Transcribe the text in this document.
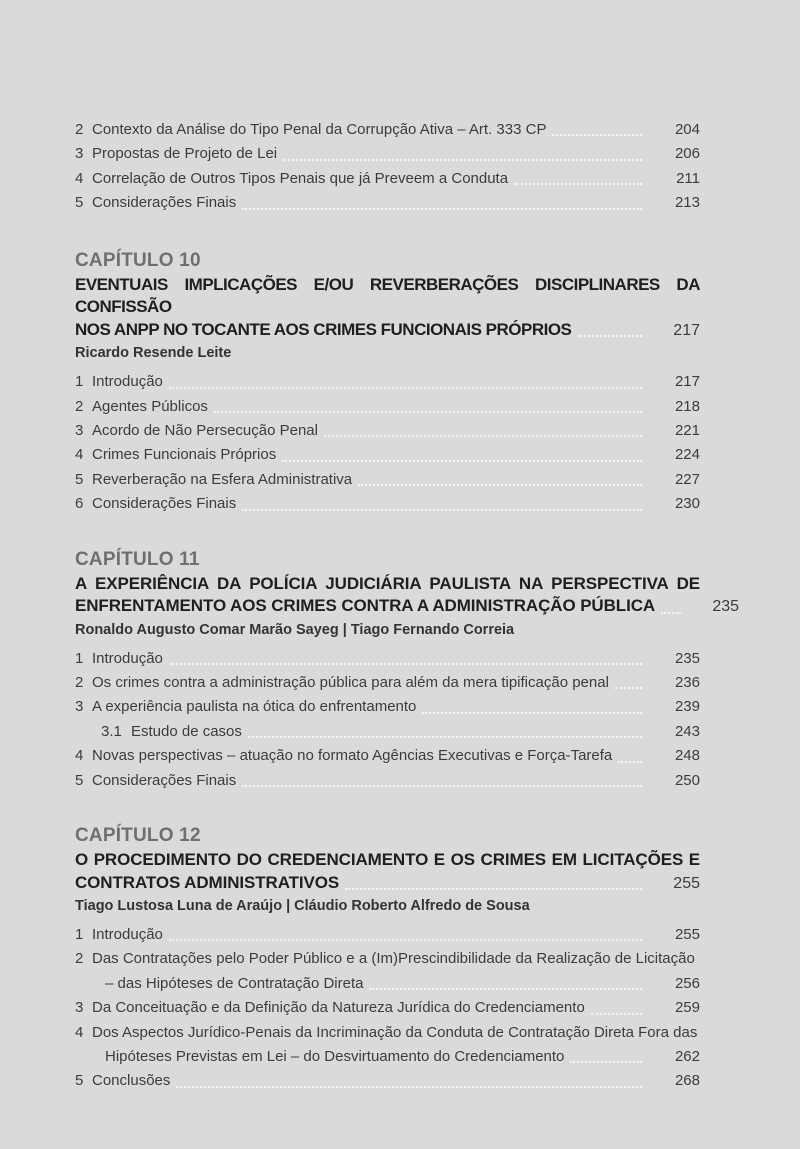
2 Contexto da Análise do Tipo Penal da Corrupção Ativa – Art. 333 CP	204
3 Propostas de Projeto de Lei	206
4 Correlação de Outros Tipos Penais que já Preveem a Conduta	211
5 Considerações Finais	213
CAPÍTULO 10
EVENTUAIS IMPLICAÇÕES E/OU REVERBERAÇÕES DISCIPLINARES DA CONFISSÃO
NOS ANPP NO TOCANTE AOS CRIMES FUNCIONAIS PRÓPRIOS	217
Ricardo Resende Leite
1 Introdução	217
2 Agentes Públicos	218
3 Acordo de Não Persecução Penal	221
4 Crimes Funcionais Próprios	224
5 Reverberação na Esfera Administrativa	227
6 Considerações Finais	230
CAPÍTULO 11
A EXPERIÊNCIA DA POLÍCIA JUDICIÁRIA PAULISTA NA PERSPECTIVA DE
ENFRENTAMENTO AOS CRIMES CONTRA A ADMINISTRAÇÃO PÚBLICA	235
Ronaldo Augusto Comar Marão Sayeg | Tiago Fernando Correia
1 Introdução	235
2 Os crimes contra a administração pública para além da mera tipificação penal	236
3 A experiência paulista na ótica do enfrentamento	239
3.1 Estudo de casos	243
4 Novas perspectivas – atuação no formato Agências Executivas e Força-Tarefa	248
5 Considerações Finais	250
CAPÍTULO 12
O PROCEDIMENTO DO CREDENCIAMENTO E OS CRIMES EM LICITAÇÕES E
CONTRATOS ADMINISTRATIVOS	255
Tiago Lustosa Luna de Araújo | Cláudio Roberto Alfredo de Sousa
1 Introdução	255
2 Das Contratações pelo Poder Público e a (Im)Prescindibilidade da Realização de Licitação
– das Hipóteses de Contratação Direta	256
3 Da Conceituação e da Definição da Natureza Jurídica do Credenciamento	259
4 Dos Aspectos Jurídico-Penais da Incriminação da Conduta de Contratação Direta Fora das
Hipóteses Previstas em Lei – do Desvirtuamento do Credenciamento	262
5 Conclusões	268
